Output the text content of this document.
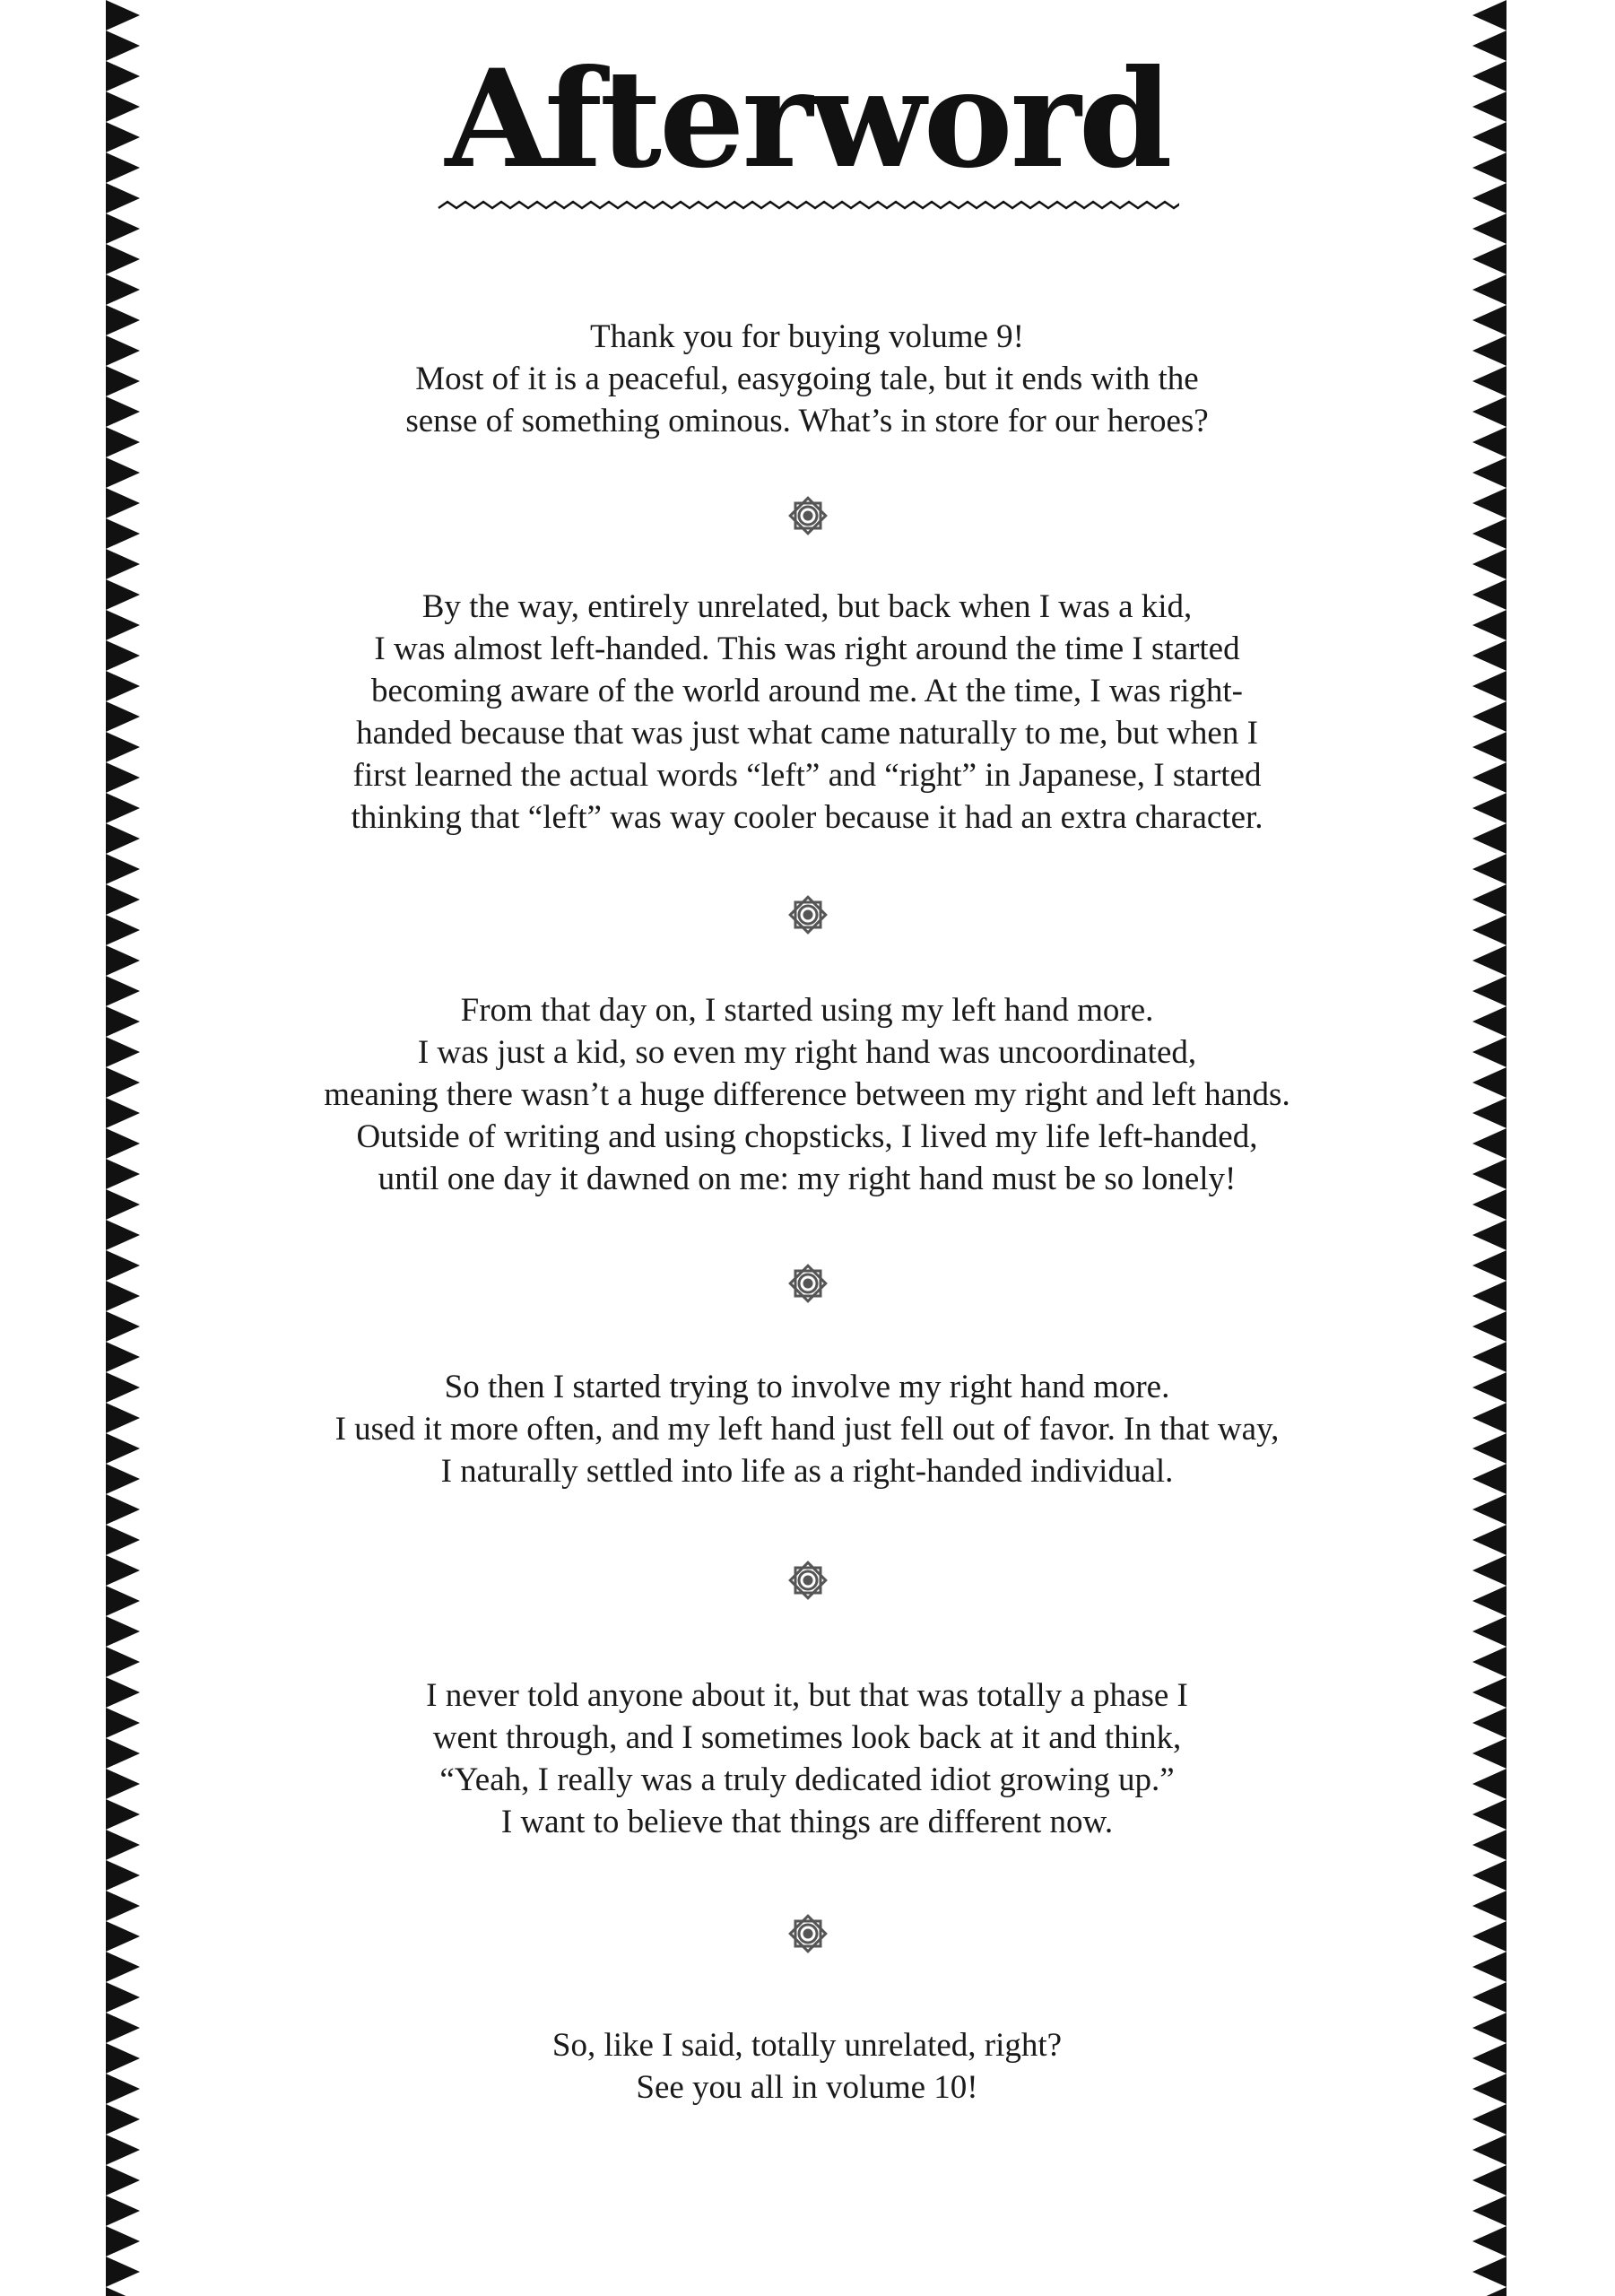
Afterword

Thank you for buying volume 9!
Most of it is a peaceful, easygoing tale, but it ends with the
sense of something ominous. What’s in store for our heroes?

By the way, entirely unrelated, but back when I was a kid,
I was almost left-handed. This was right around the time I started
becoming aware of the world around me. At the time, I was right-
handed because that was just what came naturally to me, but when I
first learned the actual words “left” and “right” in Japanese, I started
thinking that “left” was way cooler because it had an extra character.

From that day on, I started using my left hand more.
I was just a kid, so even my right hand was uncoordinated,
meaning there wasn’t a huge difference between my right and left hands.
Outside of writing and using chopsticks, I lived my life left-handed,
until one day it dawned on me: my right hand must be so lonely!

So then I started trying to involve my right hand more.
I used it more often, and my left hand just fell out of favor. In that way,
I naturally settled into life as a right-handed individual.

I never told anyone about it, but that was totally a phase I
went through, and I sometimes look back at it and think,
“Yeah, I really was a truly dedicated idiot growing up.”
I want to believe that things are different now.

So, like I said, totally unrelated, right?
See you all in volume 10!
